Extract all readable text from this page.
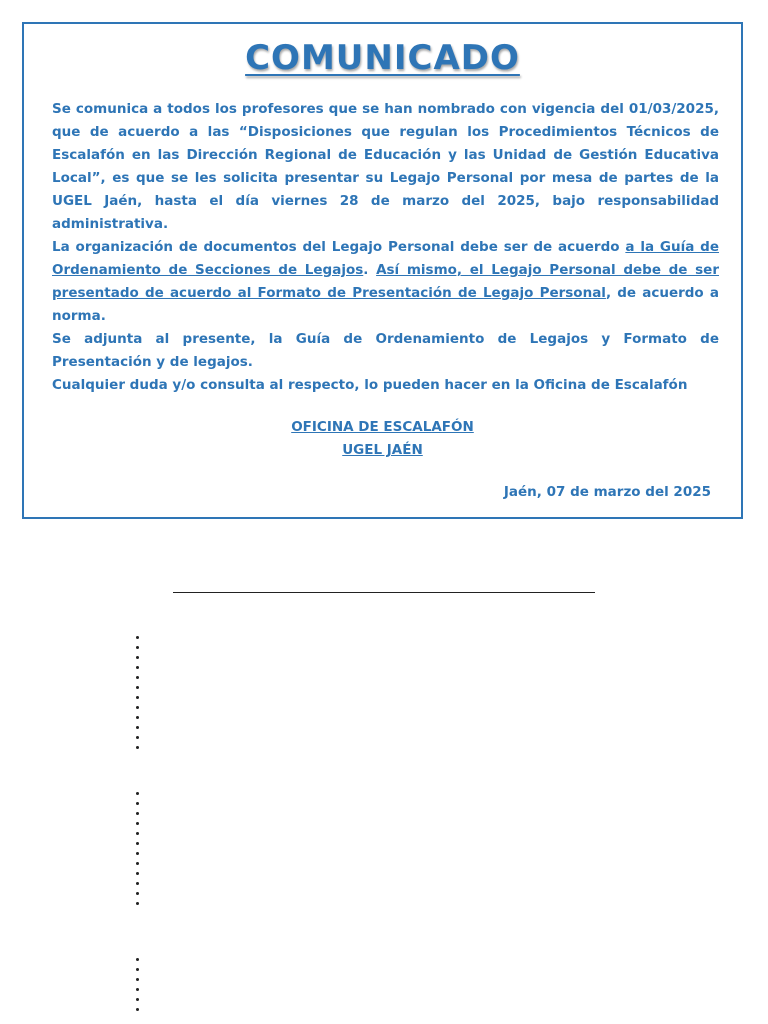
COMUNICADO

Se comunica a todos los profesores que se han nombrado con vigencia del 01/03/2025, que de acuerdo a las “Disposiciones que regulan los Procedimientos Técnicos de Escalafón en las Dirección Regional de Educación y las Unidad de Gestión Educativa Local”, es que se les solicita presentar su Legajo Personal por mesa de partes de la UGEL Jaén, hasta el día viernes 28 de marzo del 2025, bajo responsabilidad administrativa.

La organización de documentos del Legajo Personal debe ser de acuerdo a la Guía de Ordenamiento de Secciones de Legajos. Así mismo, el Legajo Personal debe de ser presentado de acuerdo al Formato de Presentación de Legajo Personal, de acuerdo a norma.

Se adjunta al presente, la Guía de Ordenamiento de Legajos y Formato de Presentación y de legajos.

Cualquier duda y/o consulta al respecto, lo pueden hacer en la Oficina de Escalafón

OFICINA DE ESCALAFÓN
UGEL JAÉN
Jaén, 07 de marzo del 2025
